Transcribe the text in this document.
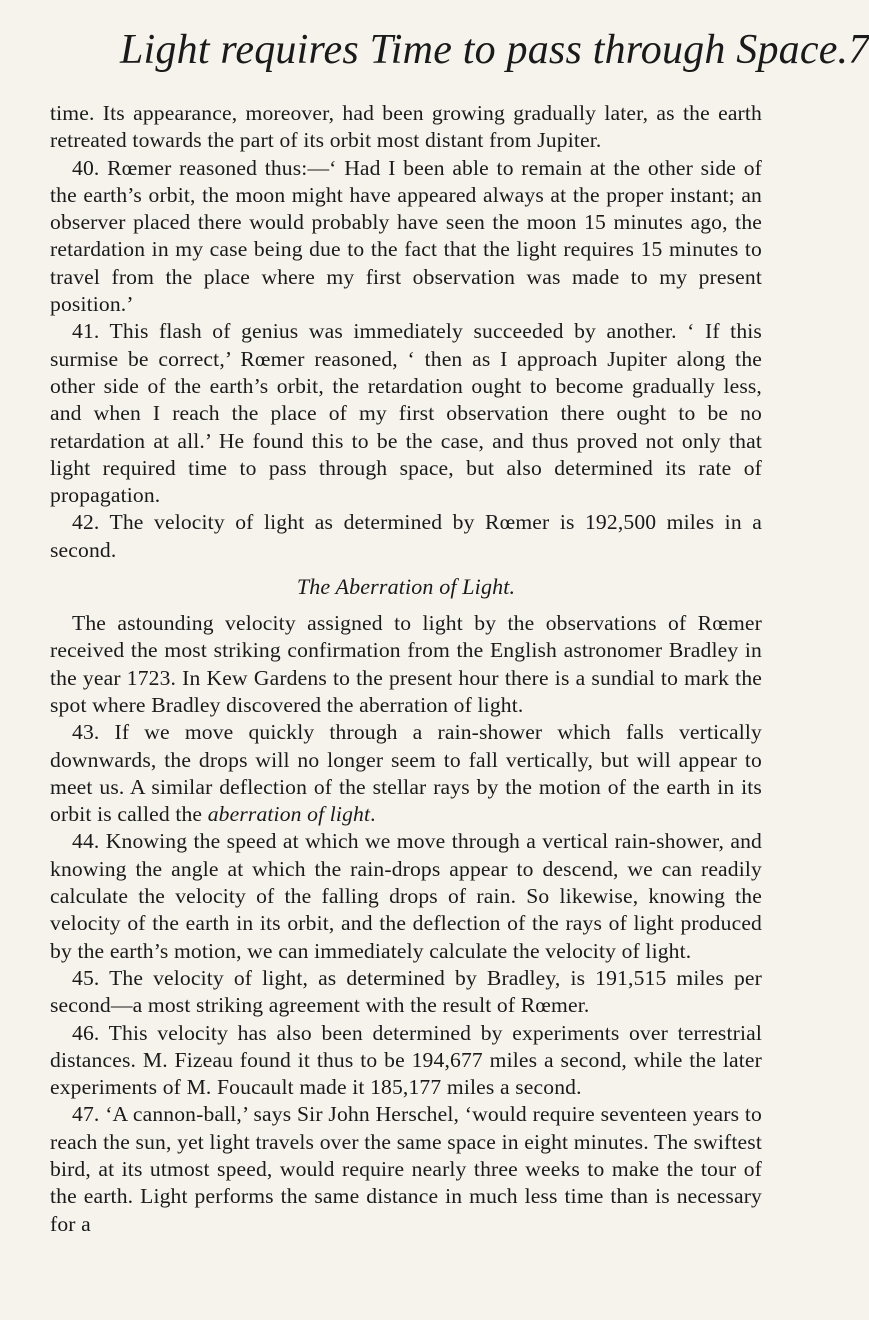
Light requires Time to pass through Space. 7

time. Its appearance, moreover, had been growing gradually later, as the earth retreated towards the part of its orbit most distant from Jupiter.

40. Rœmer reasoned thus:—‘ Had I been able to remain at the other side of the earth’s orbit, the moon might have appeared always at the proper instant; an observer placed there would probably have seen the moon 15 minutes ago, the retardation in my case being due to the fact that the light requires 15 minutes to travel from the place where my first observation was made to my present position.’

41. This flash of genius was immediately succeeded by another. ‘ If this surmise be correct,’ Rœmer reasoned, ‘ then as I approach Jupiter along the other side of the earth’s orbit, the retardation ought to become gradually less, and when I reach the place of my first observation there ought to be no retardation at all.’ He found this to be the case, and thus proved not only that light required time to pass through space, but also determined its rate of propagation.

42. The velocity of light as determined by Rœmer is 192,500 miles in a second.

The Aberration of Light.

The astounding velocity assigned to light by the observations of Rœmer received the most striking confirmation from the English astronomer Bradley in the year 1723. In Kew Gardens to the present hour there is a sundial to mark the spot where Bradley discovered the aberration of light.

43. If we move quickly through a rain-shower which falls vertically downwards, the drops will no longer seem to fall vertically, but will appear to meet us. A similar deflection of the stellar rays by the motion of the earth in its orbit is called the aberration of light.

44. Knowing the speed at which we move through a vertical rain-shower, and knowing the angle at which the rain-drops appear to descend, we can readily calculate the velocity of the falling drops of rain. So likewise, knowing the velocity of the earth in its orbit, and the deflection of the rays of light produced by the earth’s motion, we can immediately calculate the velocity of light.

45. The velocity of light, as determined by Bradley, is 191,515 miles per second—a most striking agreement with the result of Rœmer.

46. This velocity has also been determined by experiments over terrestrial distances. M. Fizeau found it thus to be 194,677 miles a second, while the later experiments of M. Foucault made it 185,177 miles a second.

47. ‘A cannon-ball,’ says Sir John Herschel, ‘would require seventeen years to reach the sun, yet light travels over the same space in eight minutes. The swiftest bird, at its utmost speed, would require nearly three weeks to make the tour of the earth. Light performs the same distance in much less time than is necessary for a
